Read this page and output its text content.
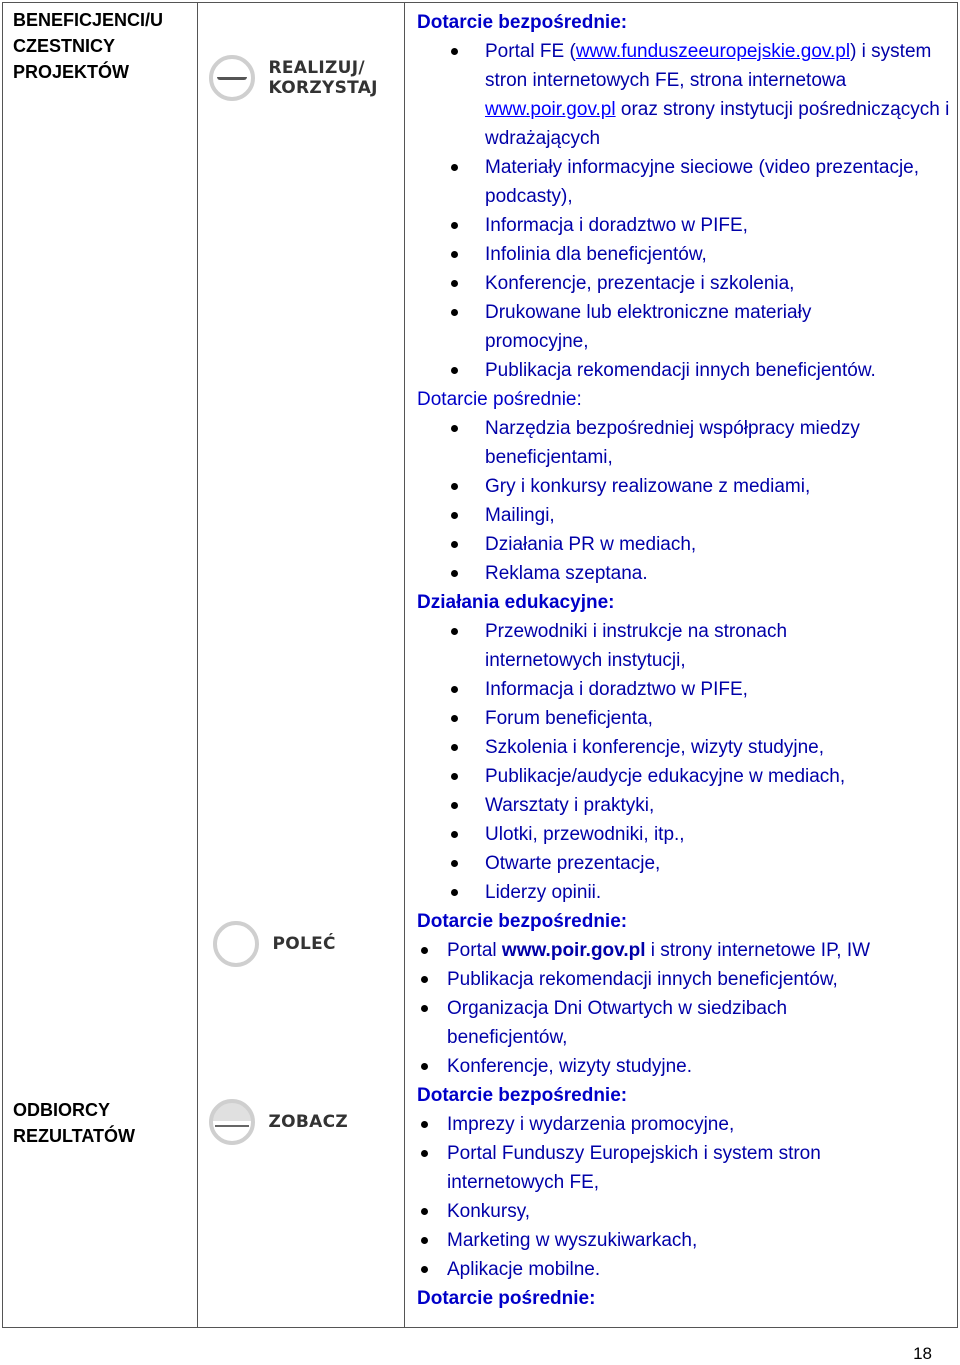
BENEFICJENCI/U CZESTNICY PROJEKTÓW
ODBIORCY REZULTATÓW

REALIZUJ/ KORZYSTAJ
POLEĆ
ZOBACZ

Dotarcie bezpośrednie:
Portal FE (www.funduszeeuropejskie.gov.pl) i system stron internetowych FE, strona internetowa www.poir.gov.pl oraz strony instytucji pośredniczących i wdrażających
Materiały informacyjne sieciowe (video prezentacje, podcasty),
Informacja i doradztwo w PIFE,
Infolinia dla beneficjentów,
Konferencje, prezentacje i szkolenia,
Drukowane lub elektroniczne materiały promocyjne,
Publikacja rekomendacji innych beneficjentów.
Dotarcie pośrednie:
Narzędzia bezpośredniej współpracy miedzy beneficjentami,
Gry i konkursy realizowane z mediami,
Mailingi,
Działania PR w mediach,
Reklama szeptana.
Działania edukacyjne:
Przewodniki i instrukcje na stronach internetowych instytucji,
Informacja i doradztwo w PIFE,
Forum beneficjenta,
Szkolenia i konferencje, wizyty studyjne,
Publikacje/audycje edukacyjne w mediach,
Warsztaty i praktyki,
Ulotki, przewodniki, itp.,
Otwarte prezentacje,
Liderzy opinii.
Dotarcie bezpośrednie:
Portal www.poir.gov.pl i strony internetowe IP, IW
Publikacja rekomendacji innych beneficjentów,
Organizacja Dni Otwartych w siedzibach beneficjentów,
Konferencje, wizyty studyjne.
Dotarcie bezpośrednie:
Imprezy i wydarzenia promocyjne,
Portal Funduszy Europejskich i system stron internetowych FE,
Konkursy,
Marketing w wyszukiwarkach,
Aplikacje mobilne.
Dotarcie pośrednie:
18
